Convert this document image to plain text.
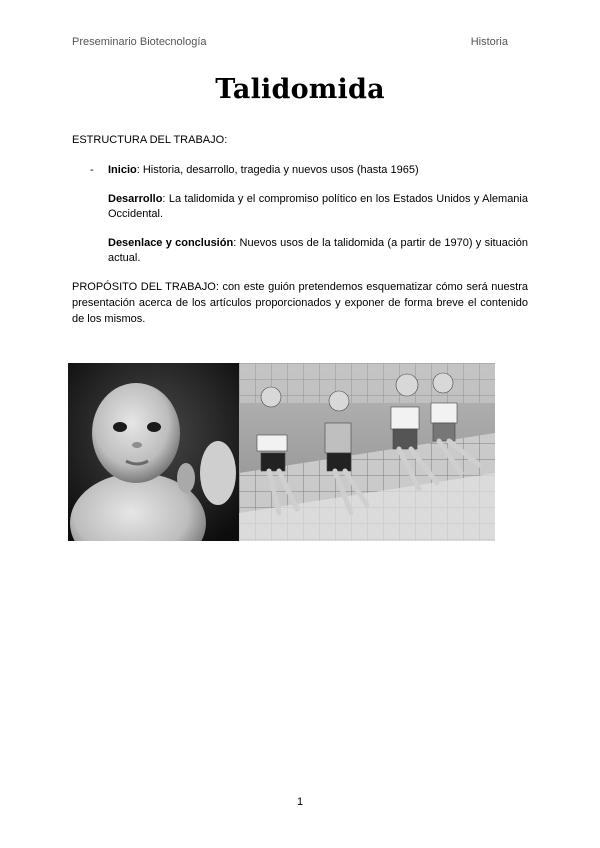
Preseminario Biotecnología	Historia
Talidomida
ESTRUCTURA DEL TRABAJO:
-	Inicio: Historia, desarrollo, tragedia y nuevos usos (hasta 1965)
Desarrollo: La talidomida y el compromiso político en los Estados Unidos y Alemania Occidental.
Desenlace y conclusión: Nuevos usos de la talidomida (a partir de 1970) y situación actual.
PROPÓSITO DEL TRABAJO: con este guión pretendemos esquematizar cómo será nuestra presentación acerca de los artículos proporcionados y exponer de forma breve el contenido de los mismos.
1
